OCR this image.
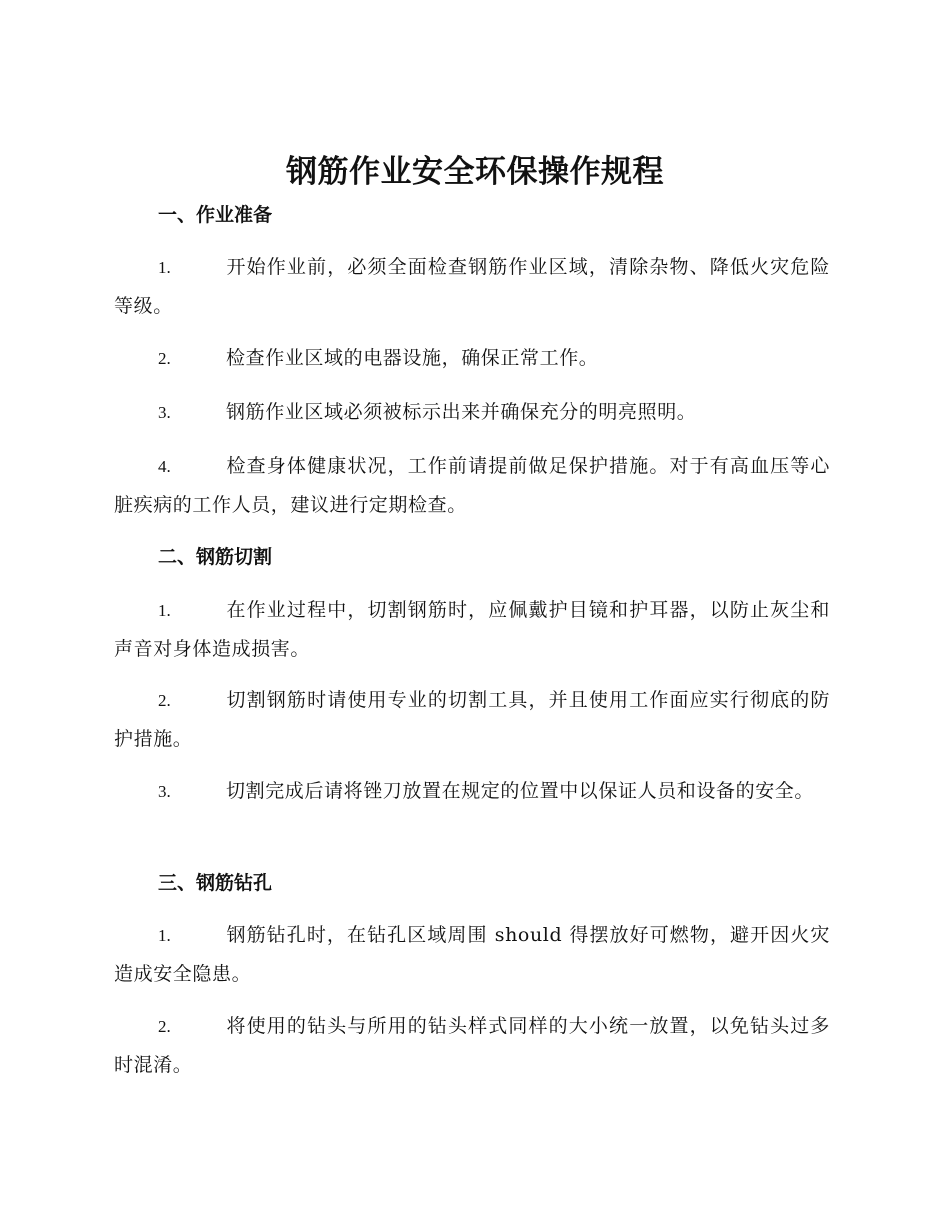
钢筋作业安全环保操作规程
一、作业准备
1.	开始作业前，必须全面检查钢筋作业区域，清除杂物、降低火灾危险等级。
2.	检查作业区域的电器设施，确保正常工作。
3.	钢筋作业区域必须被标示出来并确保充分的明亮照明。
4.	检查身体健康状况，工作前请提前做足保护措施。对于有高血压等心脏疾病的工作人员，建议进行定期检查。
二、钢筋切割
1.	在作业过程中，切割钢筋时，应佩戴护目镜和护耳器，以防止灰尘和声音对身体造成损害。
2.	切割钢筋时请使用专业的切割工具，并且使用工作面应实行彻底的防护措施。
3.	切割完成后请将锉刀放置在规定的位置中以保证人员和设备的安全。
三、钢筋钻孔
1.	钢筋钻孔时，在钻孔区域周围 should 得摆放好可燃物，避开因火灾造成安全隐患。
2.	将使用的钻头与所用的钻头样式同样的大小统一放置，以免钻头过多时混淆。
